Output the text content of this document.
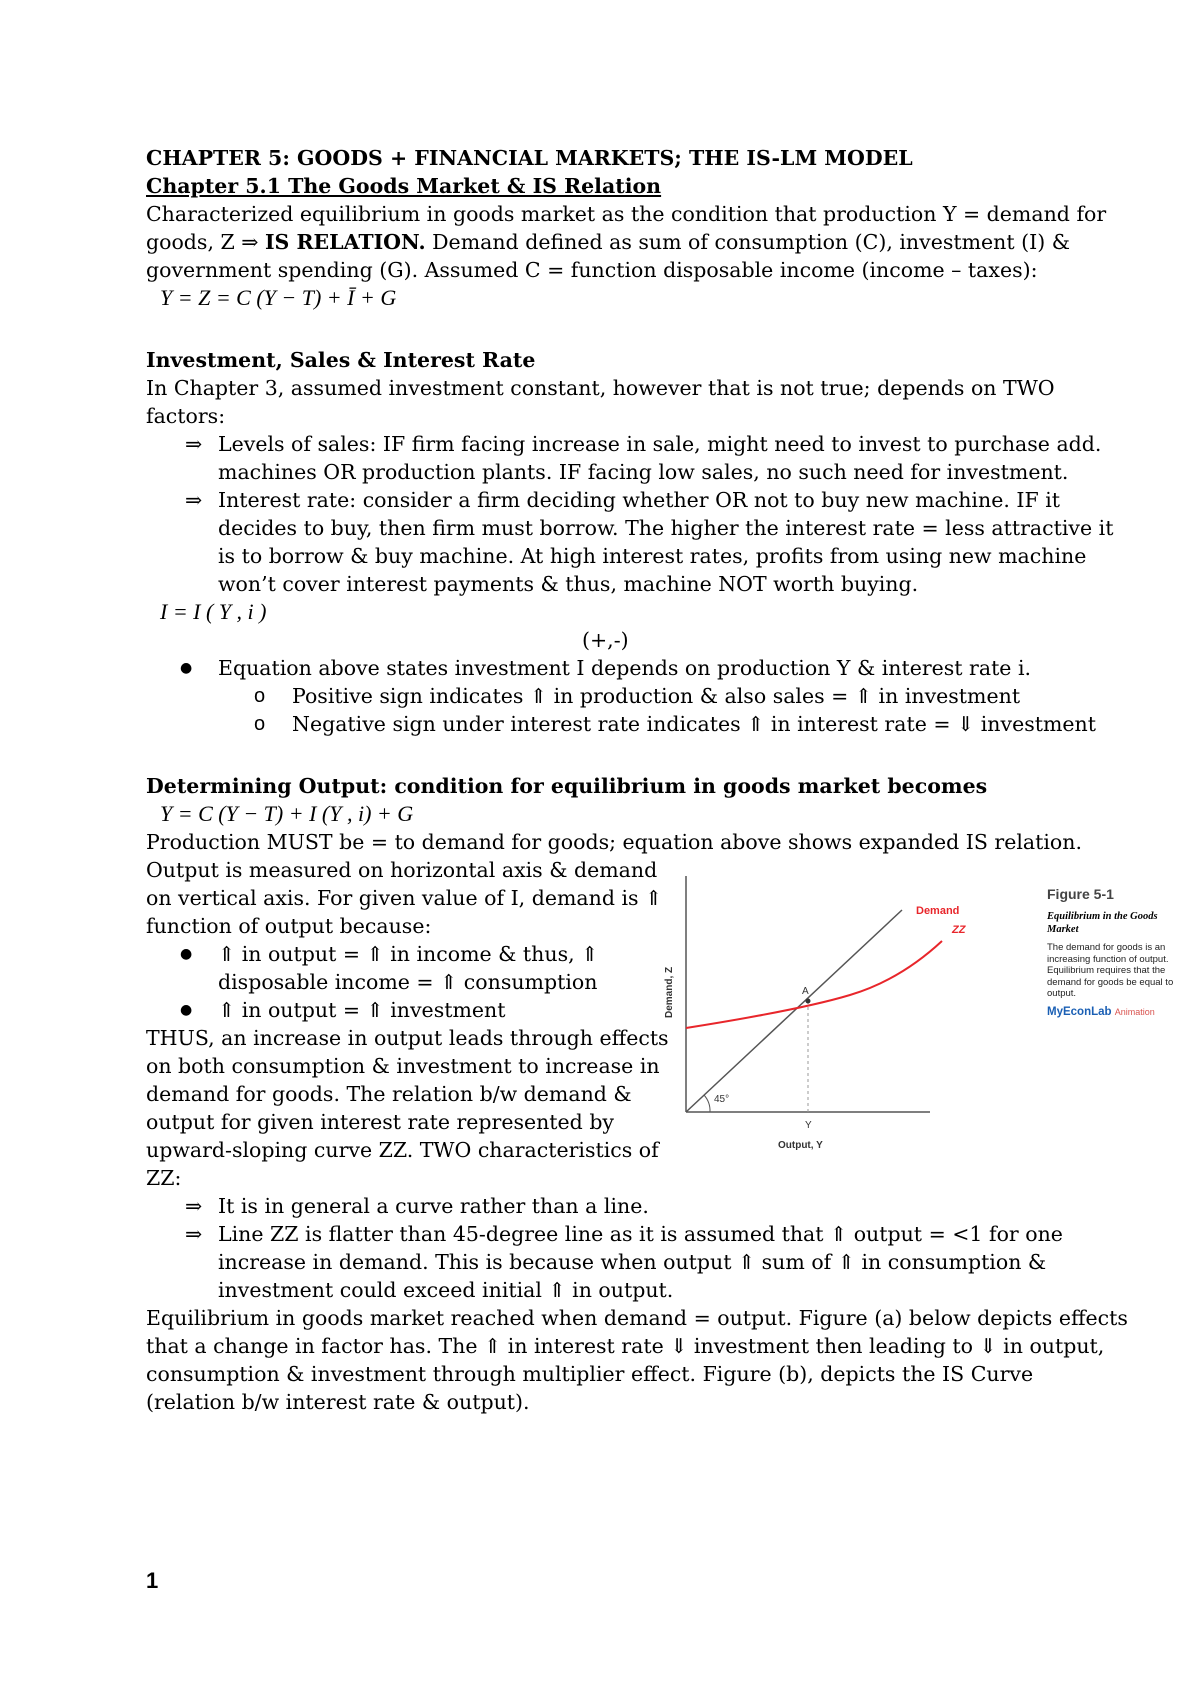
CHAPTER 5: GOODS + FINANCIAL MARKETS; THE IS-LM MODEL
Chapter 5.1 The Goods Market & IS Relation
Characterized equilibrium in goods market as the condition that production Y = demand for
goods, Z ⇒ IS RELATION. Demand defined as sum of consumption (C), investment (I) &
government spending (G). Assumed C = function disposable income (income – taxes):
Y = Z = C (Y − T) + Ī + G
Investment, Sales & Interest Rate
In Chapter 3, assumed investment constant, however that is not true; depends on TWO
factors:
⇒ Levels of sales: IF firm facing increase in sale, might need to invest to purchase add.
machines OR production plants. IF facing low sales, no such need for investment.
⇒ Interest rate: consider a firm deciding whether OR not to buy new machine. IF it
decides to buy, then firm must borrow. The higher the interest rate = less attractive it
is to borrow & buy machine. At high interest rates, profits from using new machine
won’t cover interest payments & thus, machine NOT worth buying.
I = I ( Y , i )
(+,-)
● Equation above states investment I depends on production Y & interest rate i.
o Positive sign indicates ⇑ in production & also sales = ⇑ in investment
o Negative sign under interest rate indicates ⇑ in interest rate = ⇓ investment
Determining Output: condition for equilibrium in goods market becomes
Y = C (Y − T) + I (Y , i) + G
Production MUST be = to demand for goods; equation above shows expanded IS relation.
Output is measured on horizontal axis & demand
on vertical axis. For given value of I, demand is ⇑
function of output because:
● ⇑ in output = ⇑ in income & thus, ⇑
disposable income = ⇑ consumption
● ⇑ in output = ⇑ investment
THUS, an increase in output leads through effects
on both consumption & investment to increase in
demand for goods. The relation b/w demand &
output for given interest rate represented by
upward-sloping curve ZZ. TWO characteristics of
ZZ:
⇒ It is in general a curve rather than a line.
⇒ Line ZZ is flatter than 45-degree line as it is assumed that ⇑ output = <1 for one
increase in demand. This is because when output ⇑ sum of ⇑ in consumption &
investment could exceed initial ⇑ in output.
Equilibrium in goods market reached when demand = output. Figure (a) below depicts effects
that a change in factor has. The ⇑ in interest rate ⇓ investment then leading to ⇓ in output,
consumption & investment through multiplier effect. Figure (b), depicts the IS Curve
(relation b/w interest rate & output).
45°
A
Y
Output, Y
Demand, Z
Demand
ZZ
Figure 5-1
Equilibrium in the Goods Market
The demand for goods is an increasing function of output. Equilibrium requires that the demand for goods be equal to output.
MyEconLab Animation
1
